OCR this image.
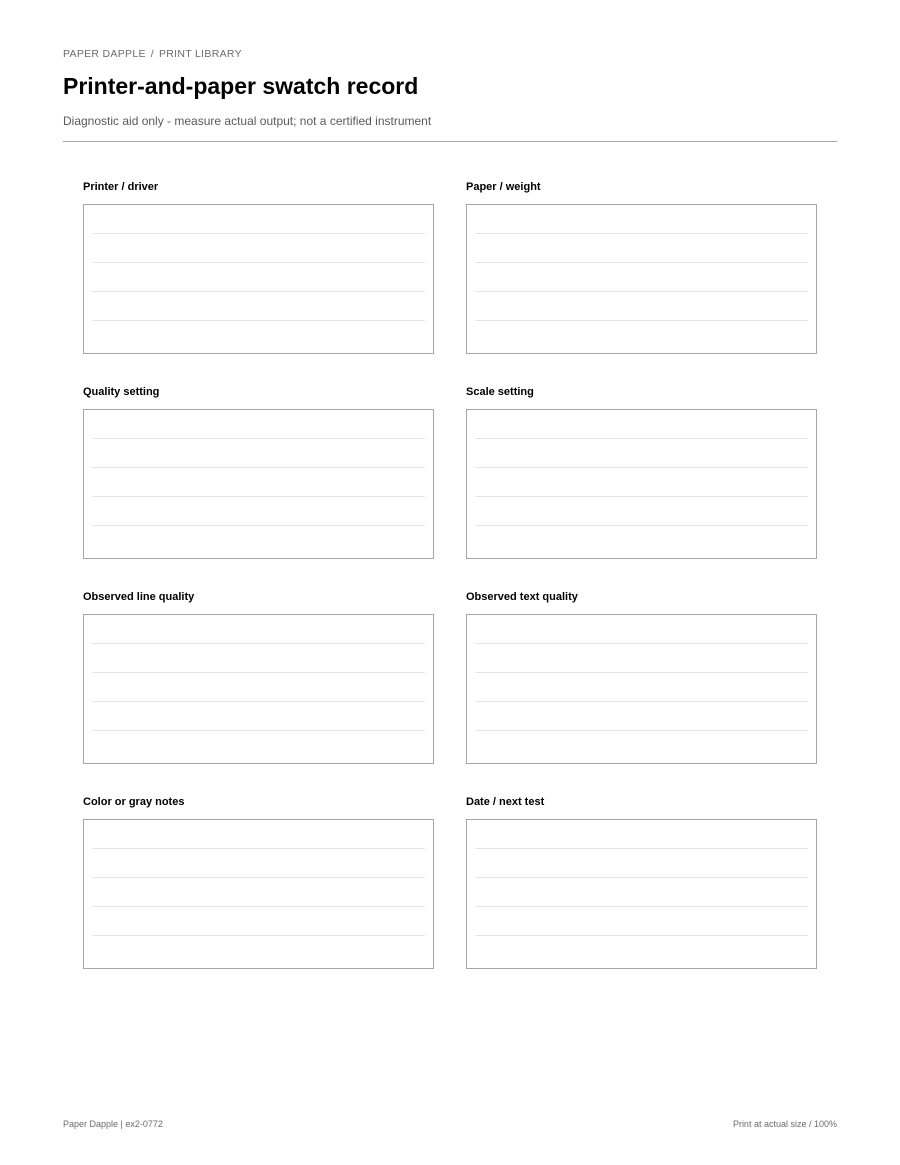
PAPER DAPPLE / PRINT LIBRARY
Printer-and-paper swatch record
Diagnostic aid only - measure actual output; not a certified instrument
Printer / driver	Paper / weight
Quality setting	Scale setting
Observed line quality	Observed text quality
Color or gray notes	Date / next test
Paper Dapple | ex2-0772	Print at actual size / 100%
